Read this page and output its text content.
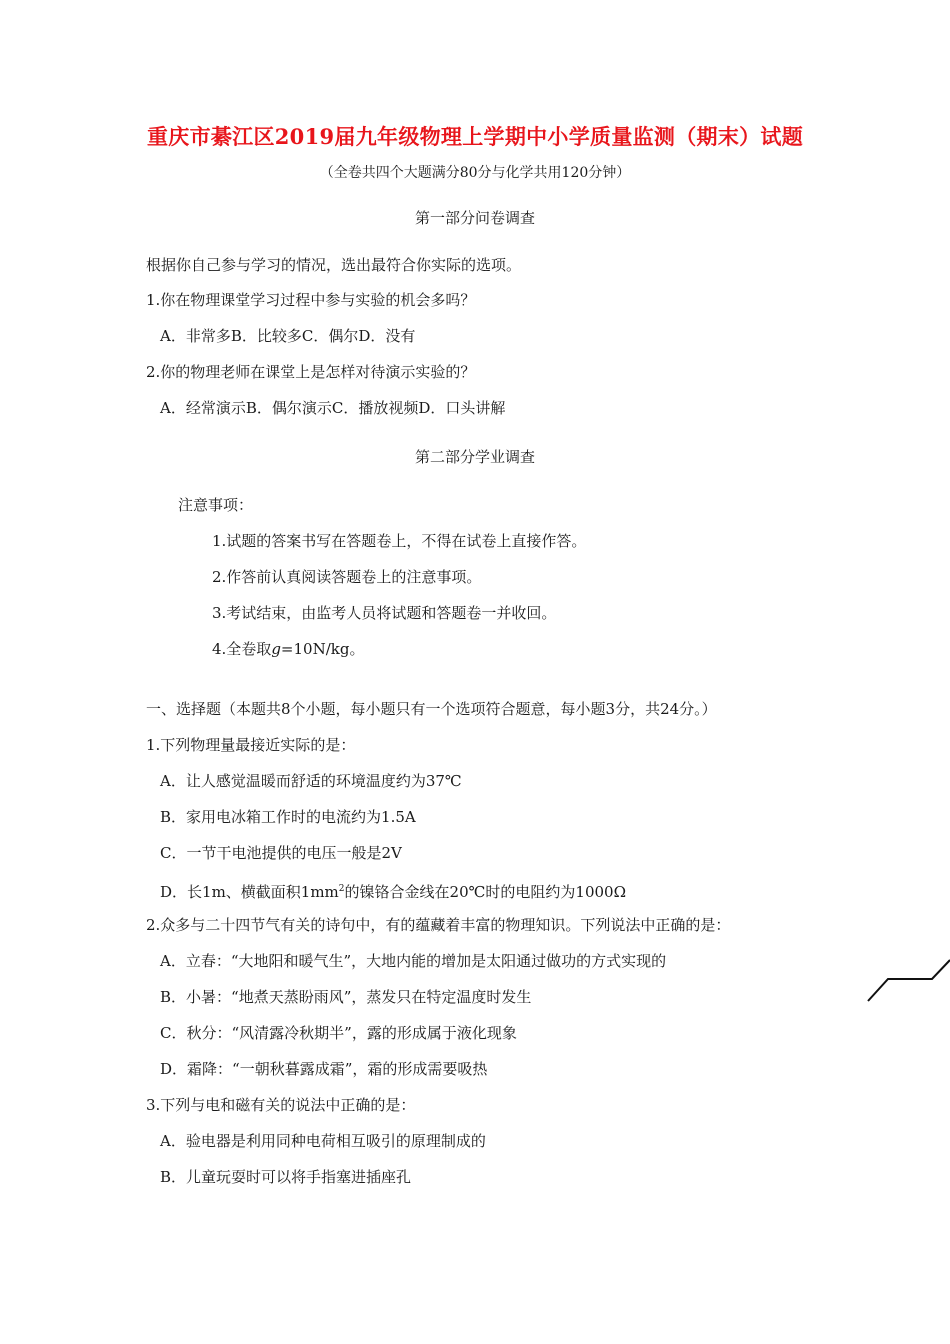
重庆市綦江区2019届九年级物理上学期中小学质量监测（期末）试题
（全卷共四个大题满分80分与化学共用120分钟）
第一部分问卷调查
根据你自己参与学习的情况，选出最符合你实际的选项。
1.你在物理课堂学习过程中参与实验的机会多吗？
A．非常多B．比较多C．偶尔D．没有
2.你的物理老师在课堂上是怎样对待演示实验的？
A．经常演示B．偶尔演示C．播放视频D．口头讲解
第二部分学业调查
注意事项：
1.试题的答案书写在答题卷上，不得在试卷上直接作答。
2.作答前认真阅读答题卷上的注意事项。
3.考试结束，由监考人员将试题和答题卷一并收回。
4.全卷取g=10N/kg。
一、选择题（本题共8个小题，每小题只有一个选项符合题意，每小题3分，共24分。）
1.下列物理量最接近实际的是：
A．让人感觉温暖而舒适的环境温度约为37℃
B．家用电冰箱工作时的电流约为1.5A
C．一节干电池提供的电压一般是2V
D．长1m、横截面积$1mm^2$的镍铬合金线在20℃时的电阻约为1000Ω
2.众多与二十四节气有关的诗句中，有的蕴藏着丰富的物理知识。下列说法中正确的是：
A．立春：“大地阳和暖气生”，大地内能的增加是太阳通过做功的方式实现的
B．小暑：“地煮天蒸盼雨风”，蒸发只在特定温度时发生
C．秋分：“风清露冷秋期半”，露的形成属于液化现象
D．霜降：“一朝秋暮露成霜”，霜的形成需要吸热
3.下列与电和磁有关的说法中正确的是：
A．验电器是利用同种电荷相互吸引的原理制成的
B．儿童玩耍时可以将手指塞进插座孔
